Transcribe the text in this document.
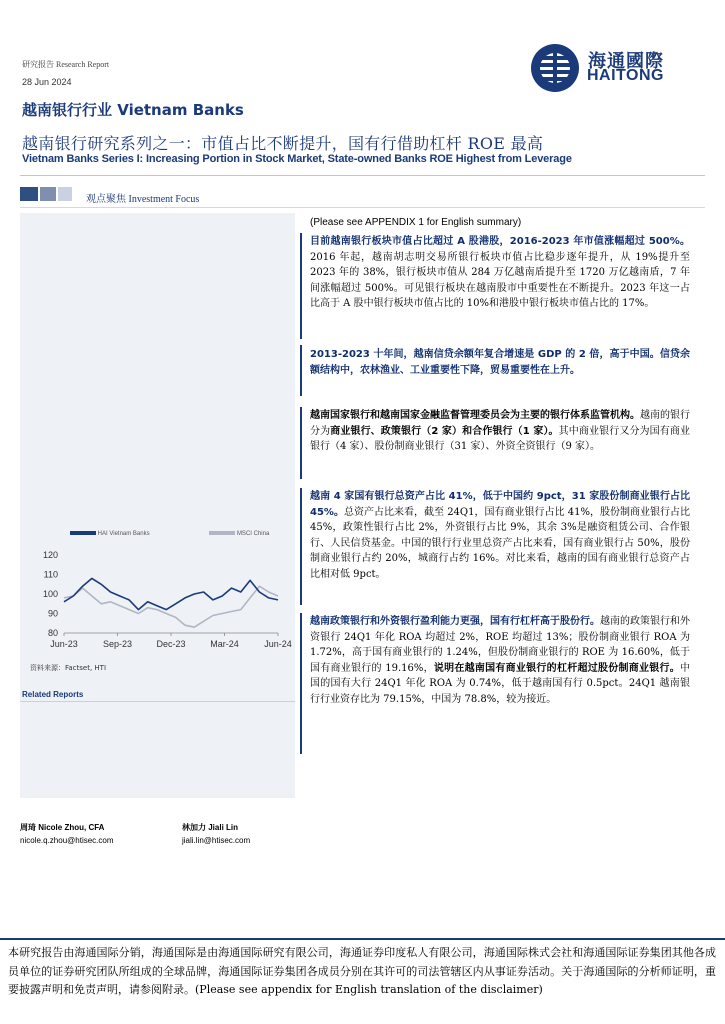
研究报告 Research Report
28 Jun 2024
越南银行行业 Vietnam Banks
越南银行研究系列之一：市值占比不断提升，国有行借助杠杆 ROE 最高
Vietnam Banks Series I: Increasing Portion in Stock Market, State-owned Banks ROE Highest from Leverage
海通國際
HAITONG
观点聚焦 Investment Focus
HAI Vietnam Banks	MSCI China
80
90
100
110
120
Jun-23	Sep-23	Dec-23	Mar-24	Jun-24
资料来源：Factset, HTI
Related Reports
周琦 Nicole Zhou, CFA
nicole.q.zhou@htisec.com
林加力 Jiali Lin
jiali.lin@htisec.com
(Please see APPENDIX 1 for English summary)
目前越南银行板块市值占比超过 A 股港股，2016-2023 年市值涨幅超过 500%。2016 年起，越南胡志明交易所银行板块市值占比稳步逐年提升，从 19%提升至 2023 年的 38%，银行板块市值从 284 万亿越南盾提升至 1720 万亿越南盾，7 年间涨幅超过 500%。可见银行板块在越南股市中重要性在不断提升。2023 年这一占比高于 A 股中银行板块市值占比的 10%和港股中银行板块市值占比的 17%。
2013-2023 十年间，越南信贷余额年复合增速是 GDP 的 2 倍，高于中国。信贷余额结构中，农林渔业、工业重要性下降，贸易重要性在上升。
越南国家银行和越南国家金融监督管理委员会为主要的银行体系监管机构。越南的银行分为商业银行、政策银行（2 家）和合作银行（1 家）。其中商业银行又分为国有商业银行（4 家）、股份制商业银行（31 家）、外资全资银行（9 家）。
越南 4 家国有银行总资产占比 41%，低于中国约 9pct，31 家股份制商业银行占比 45%。总资产占比来看，截至 24Q1，国有商业银行占比 41%，股份制商业银行占比 45%，政策性银行占比 2%，外资银行占比 9%，其余 3%是融资租赁公司、合作银行、人民信贷基金。中国的银行行业里总资产占比来看，国有商业银行占 50%，股份制商业银行占约 20%，城商行占约 16%。对比来看，越南的国有商业银行总资产占比相对低 9pct。
越南政策银行和外资银行盈利能力更强，国有行杠杆高于股份行。越南的政策银行和外资银行 24Q1 年化 ROA 均超过 2%，ROE 均超过 13%；股份制商业银行 ROA 为 1.72%，高于国有商业银行的 1.24%，但股份制商业银行的 ROE 为 16.60%，低于国有商业银行的 19.16%，说明在越南国有商业银行的杠杆超过股份制商业银行。中国的国有大行 24Q1 年化 ROA 为 0.74%，低于越南国有行 0.5pct。24Q1 越南银行行业资存比为 79.15%，中国为 78.8%，较为接近。
本研究报告由海通国际分销，海通国际是由海通国际研究有限公司，海通证券印度私人有限公司，海通国际株式会社和海通国际证券集团其他各成员单位的证券研究团队所组成的全球品牌，海通国际证券集团各成员分别在其许可的司法管辖区内从事证券活动。关于海通国际的分析师证明，重要披露声明和免责声明，请参阅附录。(Please see appendix for English translation of the disclaimer)
